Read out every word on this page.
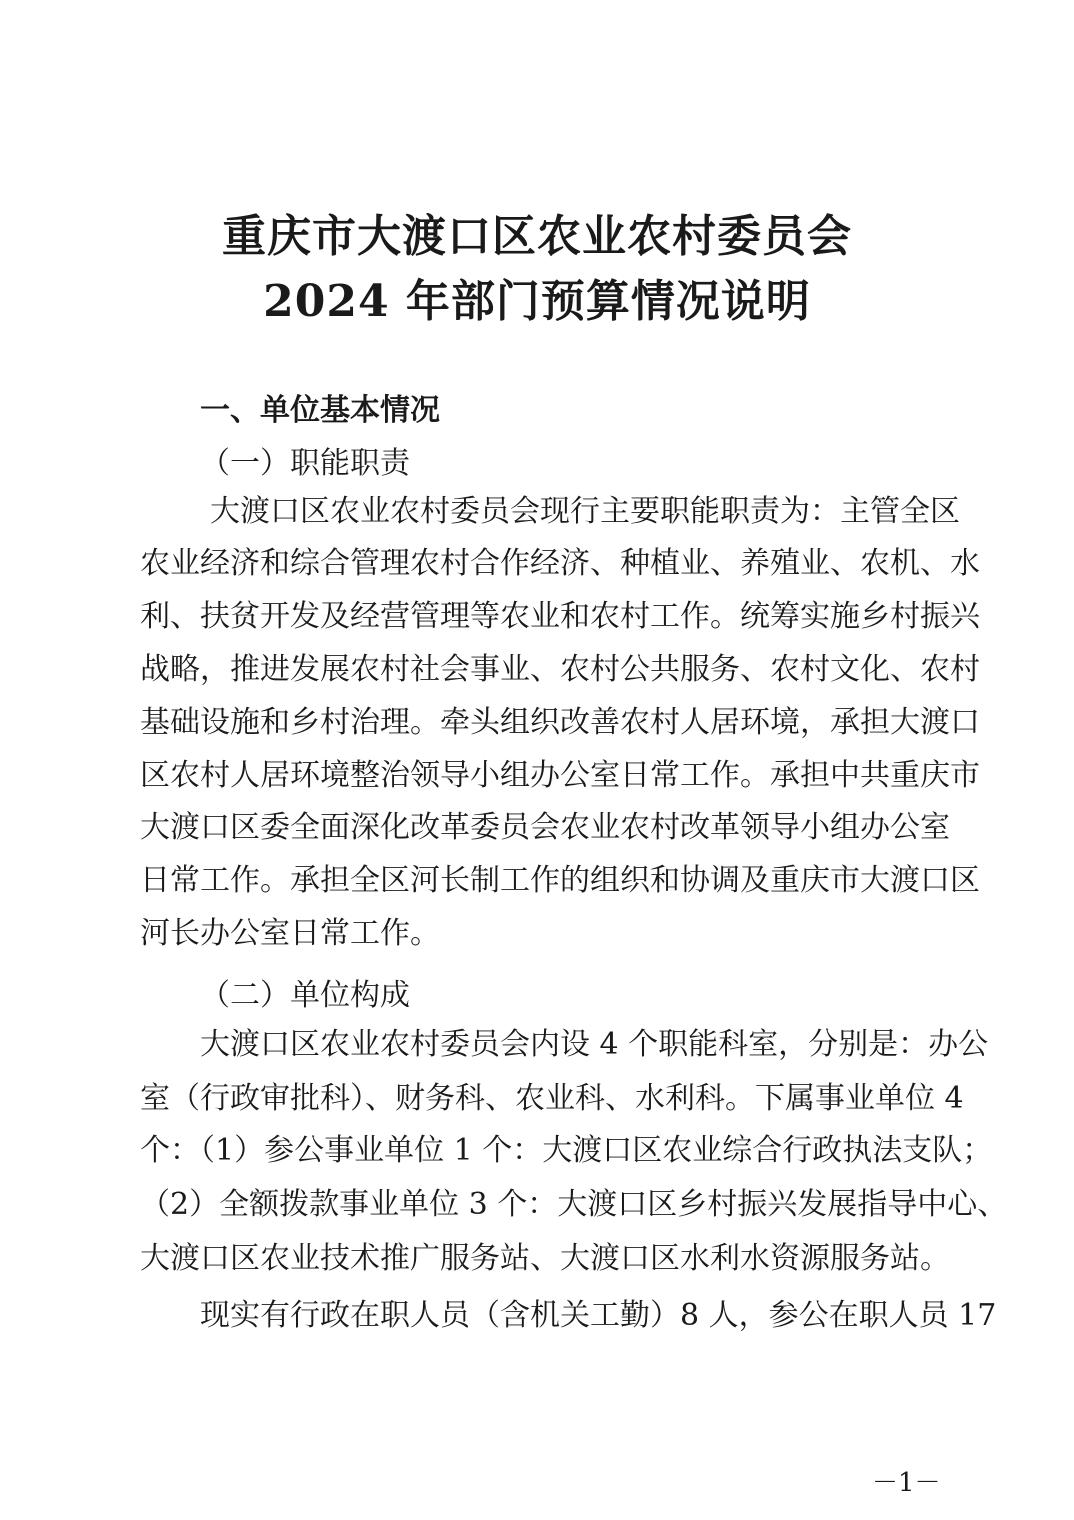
重庆市大渡口区农业农村委员会
2024 年部门预算情况说明
一、单位基本情况
（一）职能职责
大渡口区农业农村委员会现行主要职能职责为：主管全区
农业经济和综合管理农村合作经济、种植业、养殖业、农机、水
利、扶贫开发及经营管理等农业和农村工作。统筹实施乡村振兴
战略，推进发展农村社会事业、农村公共服务、农村文化、农村
基础设施和乡村治理。牵头组织改善农村人居环境，承担大渡口
区农村人居环境整治领导小组办公室日常工作。承担中共重庆市
大渡口区委全面深化改革委员会农业农村改革领导小组办公室
日常工作。承担全区河长制工作的组织和协调及重庆市大渡口区
河长办公室日常工作。
（二）单位构成
大渡口区农业农村委员会内设 4 个职能科室，分别是：办公
室（行政审批科）、财务科、农业科、水利科。下属事业单位 4
个：（1）参公事业单位 1 个：大渡口区农业综合行政执法支队；
（2）全额拨款事业单位 3 个：大渡口区乡村振兴发展指导中心、
大渡口区农业技术推广服务站、大渡口区水利水资源服务站。
现实有行政在职人员（含机关工勤）8 人，参公在职人员 17
－1－
